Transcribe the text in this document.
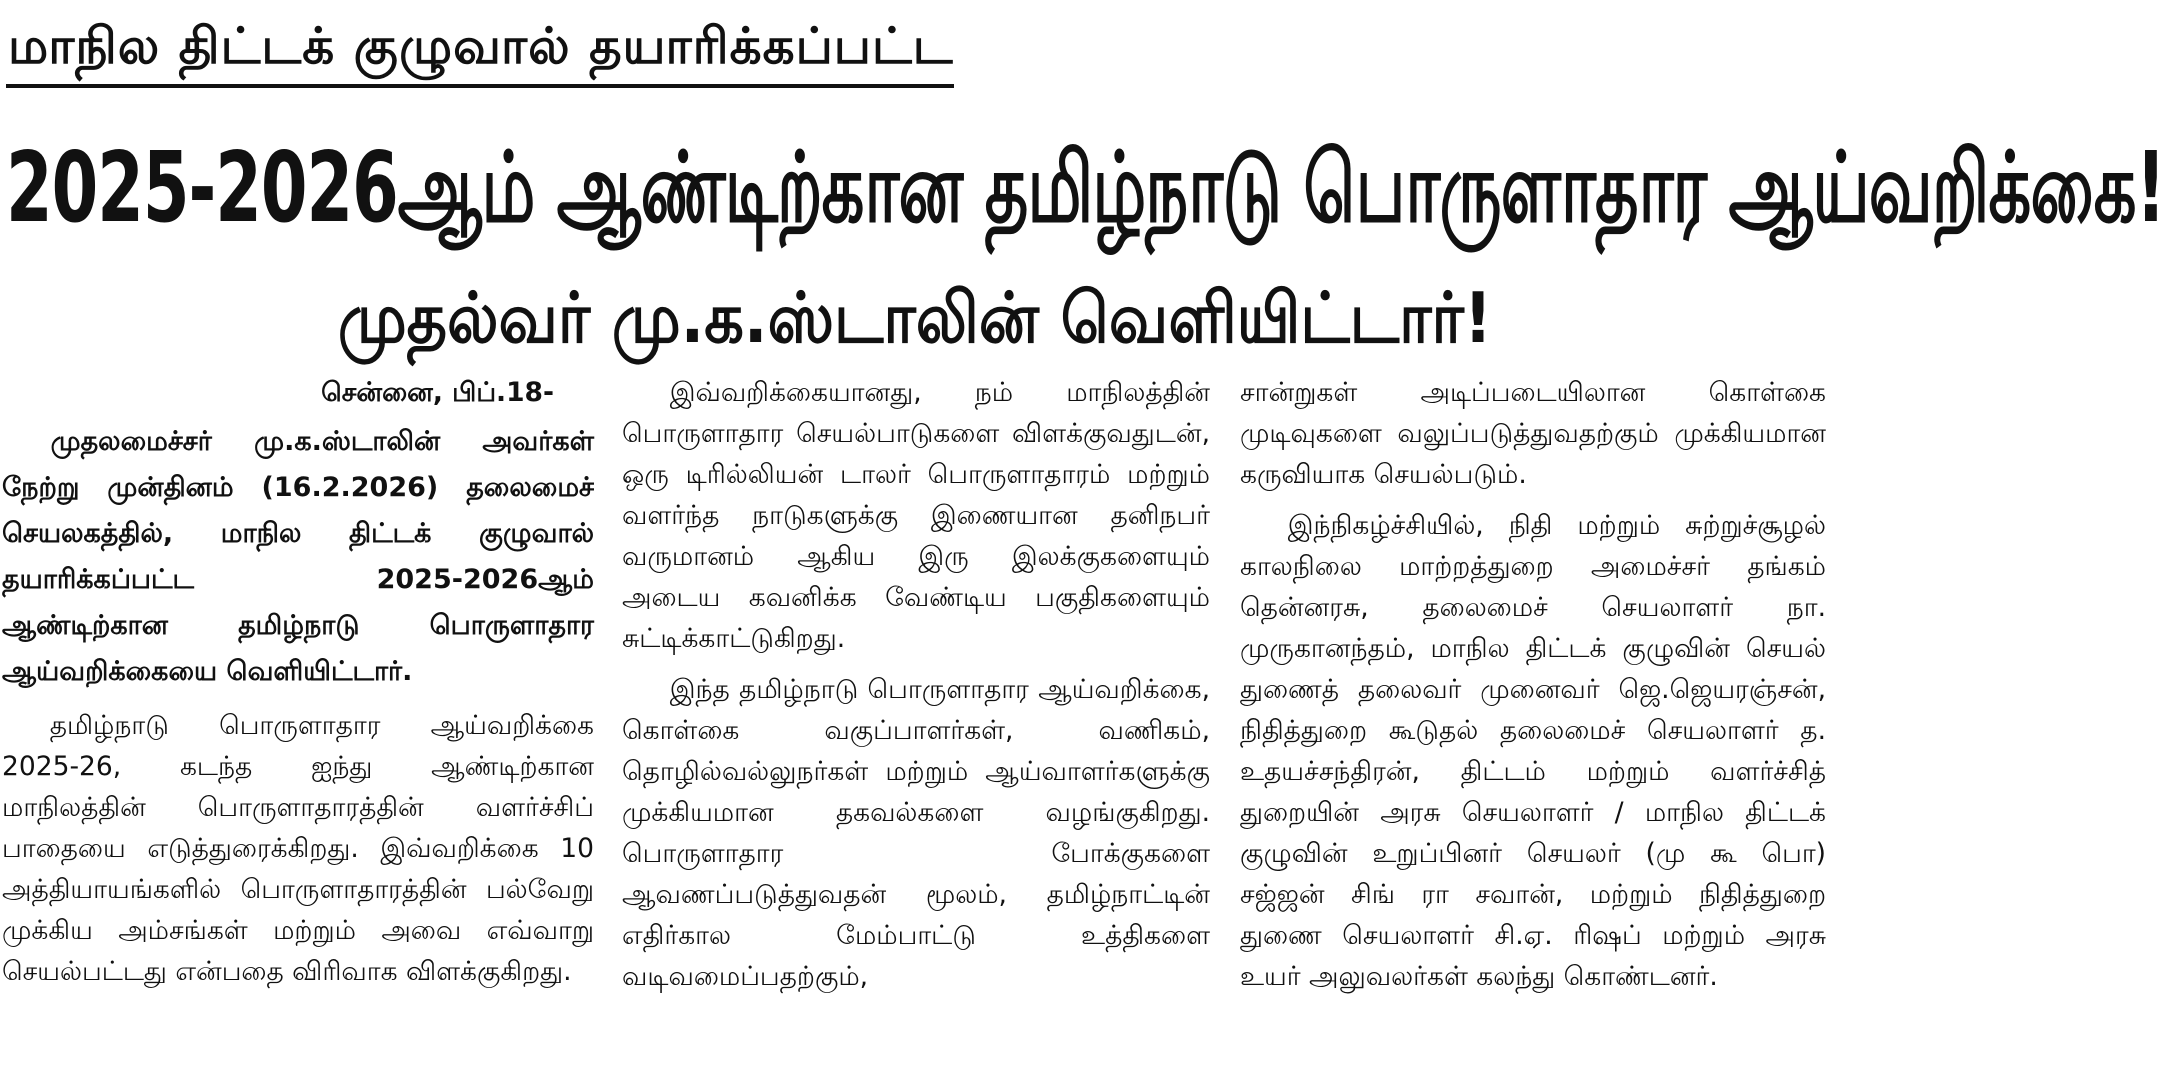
மாநில திட்டக் குழுவால் தயாரிக்கப்பட்ட
2025-2026ஆம் ஆண்டிற்கான தமிழ்நாடு பொருளாதார ஆய்வறிக்கை!
முதல்வர் மு.க.ஸ்டாலின் வெளியிட்டார்!
சென்னை, பிப்.18-

முதலமைச்சர் மு.க.ஸ்டாலின் அவர்கள் நேற்று முன்தினம் (16.2.2026) தலைமைச் செயலகத்தில், மாநில திட்டக் குழுவால் தயாரிக்கப்பட்ட 2025-2026ஆம் ஆண்டிற்கான தமிழ்நாடு பொருளாதார ஆய்வறிக்கையை வெளியிட்டார்.

தமிழ்நாடு பொருளாதார ஆய்வறிக்கை 2025-26, கடந்த ஐந்து ஆண்டிற்கான மாநிலத்தின் பொருளாதாரத்தின் வளர்ச்சிப் பாதையை எடுத்துரைக்கிறது. இவ்வறிக்கை 10 அத்தியாயங்களில் பொருளாதாரத்தின் பல்வேறு முக்கிய அம்சங்கள் மற்றும் அவை எவ்வாறு செயல்பட்டது என்பதை விரிவாக விளக்குகிறது.

இவ்வறிக்கையானது, நம் மாநிலத்தின் பொருளாதார செயல்பாடுகளை விளக்குவதுடன், ஒரு டிரில்லியன் டாலர் பொருளாதாரம் மற்றும் வளர்ந்த நாடுகளுக்கு இணையான தனிநபர் வருமானம் ஆகிய இரு இலக்குகளையும் அடைய கவனிக்க வேண்டிய பகுதிகளையும் சுட்டிக்காட்டுகிறது.

இந்த தமிழ்நாடு பொருளாதார ஆய்வறிக்கை, கொள்கை வகுப்பாளர்கள், வணிகம், தொழில்வல்லுநர்கள் மற்றும் ஆய்வாளர்களுக்கு முக்கியமான தகவல்களை வழங்குகிறது. பொருளாதார போக்குகளை ஆவணப்படுத்துவதன் மூலம், தமிழ்நாட்டின் எதிர்கால மேம்பாட்டு உத்திகளை வடிவமைப்பதற்கும்,

சான்றுகள் அடிப்படையிலான கொள்கை முடிவுகளை வலுப்படுத்துவதற்கும் முக்கியமான கருவியாக செயல்படும்.

இந்நிகழ்ச்சியில், நிதி மற்றும் சுற்றுச்சூழல் காலநிலை மாற்றத்துறை அமைச்சர் தங்கம் தென்னரசு, தலைமைச் செயலாளர் நா. முருகானந்தம், மாநில திட்டக் குழுவின் செயல் துணைத் தலைவர் முனைவர் ஜெ.ஜெயரஞ்சன், நிதித்துறை கூடுதல் தலைமைச் செயலாளர் த. உதயச்சந்திரன், திட்டம் மற்றும் வளர்ச்சித் துறையின் அரசு செயலாளர் / மாநில திட்டக் குழுவின் உறுப்பினர் செயலர் (மு கூ பொ) சஜ்ஜன் சிங் ரா சவான், மற்றும் நிதித்துறை துணை செயலாளர் சி.ஏ. ரிஷப் மற்றும் அரசு உயர் அலுவலர்கள் கலந்து கொண்டனர்.
